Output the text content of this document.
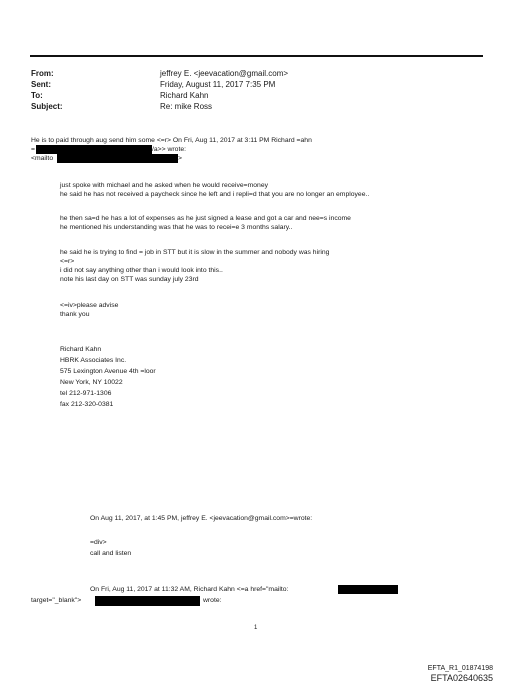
From:	jeffrey E. <jeevacation@gmail.com>
Sent:	Friday, August 11, 2017 7:35 PM
To:	Richard Kahn
Subject:	Re: mike Ross
He is to paid through aug send him some <=r> On Fri, Aug 11, 2017 at 3:11 PM Richard =ahn
=	/a>> wrote:
<mailto	>
just spoke with michael and he asked when he would receive=money
he said he has not received a paycheck since he left and i repli=d that you are no longer an employee..
he then sa=d he has a lot of expenses as he just signed a lease and got a car and nee=s income
he mentioned his understanding was that he was to recei=e 3 months salary..
he said he is trying to find = job in STT but it is slow in the summer and nobody was hiring
<=r>
i did not say anything other than i would look into this..
note his last day on STT was sunday july 23rd
<=iv>please advise
thank you
Richard Kahn
HBRK Associates Inc.
575 Lexington Avenue 4th =loor
New York, NY 10022
tel 212-971-1306
fax 212-320-0381
On Aug 11, 2017, at 1:45 PM, jeffrey E. <jeevacation@gmail.com>=wrote:
=div>
call and listen
On Fri, Aug 11, 2017 at 11:32 AM, Richard Kahn <=a href="mailto:
target="_blank">	wrote:
1
EFTA_R1_01874198
EFTA02640635
